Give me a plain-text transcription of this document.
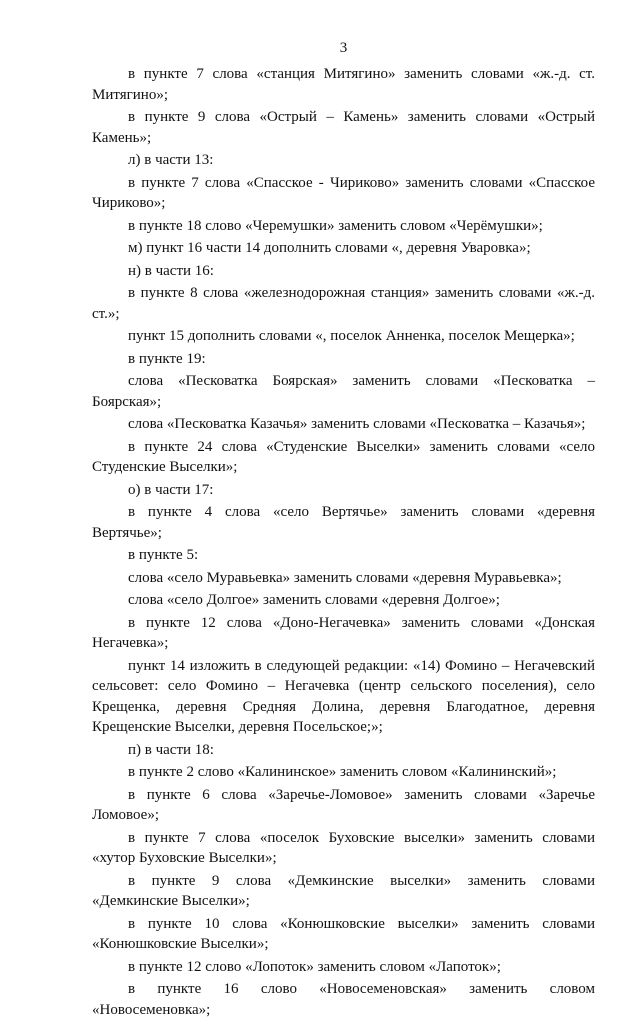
3

в пункте 7 слова «станция Митягино» заменить словами «ж.-д. ст. Митягино»;

в пункте 9 слова «Острый – Камень» заменить словами «Острый Камень»;

л) в части 13:

в пункте 7 слова «Спасское - Чириково» заменить словами «Спасское Чириково»;

в пункте 18 слово «Черемушки» заменить словом «Черёмушки»;

м) пункт 16 части 14 дополнить словами «, деревня Уваровка»;

н) в части 16:

в пункте 8 слова «железнодорожная станция» заменить словами «ж.-д. ст.»;

пункт 15 дополнить словами «, поселок Анненка, поселок Мещерка»;

в пункте 19:

слова «Песковатка Боярская» заменить словами «Песковатка – Боярская»;

слова «Песковатка Казачья» заменить словами «Песковатка – Казачья»;

в пункте 24 слова «Студенские Выселки» заменить словами «село Студенские Выселки»;

о) в части 17:

в пункте 4 слова «село Вертячье» заменить словами «деревня Вертячье»;

в пункте 5:

слова «село Муравьевка» заменить словами «деревня Муравьевка»;

слова «село Долгое» заменить словами «деревня Долгое»;

в пункте 12 слова «Доно-Негачевка» заменить словами «Донская Негачевка»;

пункт 14 изложить в следующей редакции: «14) Фомино – Негачевский сельсовет: село Фомино – Негачевка (центр сельского поселения), село Крещенка, деревня Средняя Долина, деревня Благодатное, деревня Крещенские Выселки, деревня Посельское;»;

п) в части 18:

в пункте 2 слово «Калининское» заменить словом «Калининский»;

в пункте 6 слова «Заречье-Ломовое» заменить словами «Заречье Ломовое»;

в пункте 7 слова «поселок Буховские выселки» заменить словами «хутор Буховские Выселки»;

в пункте 9 слова «Демкинские выселки» заменить словами «Демкинские Выселки»;

в пункте 10 слова «Конюшковские выселки» заменить словами «Конюшковские Выселки»;

в пункте 12 слово «Лопоток» заменить словом «Лапоток»;

в пункте 16 слово «Новосеменовская» заменить словом «Новосеменовка»;
